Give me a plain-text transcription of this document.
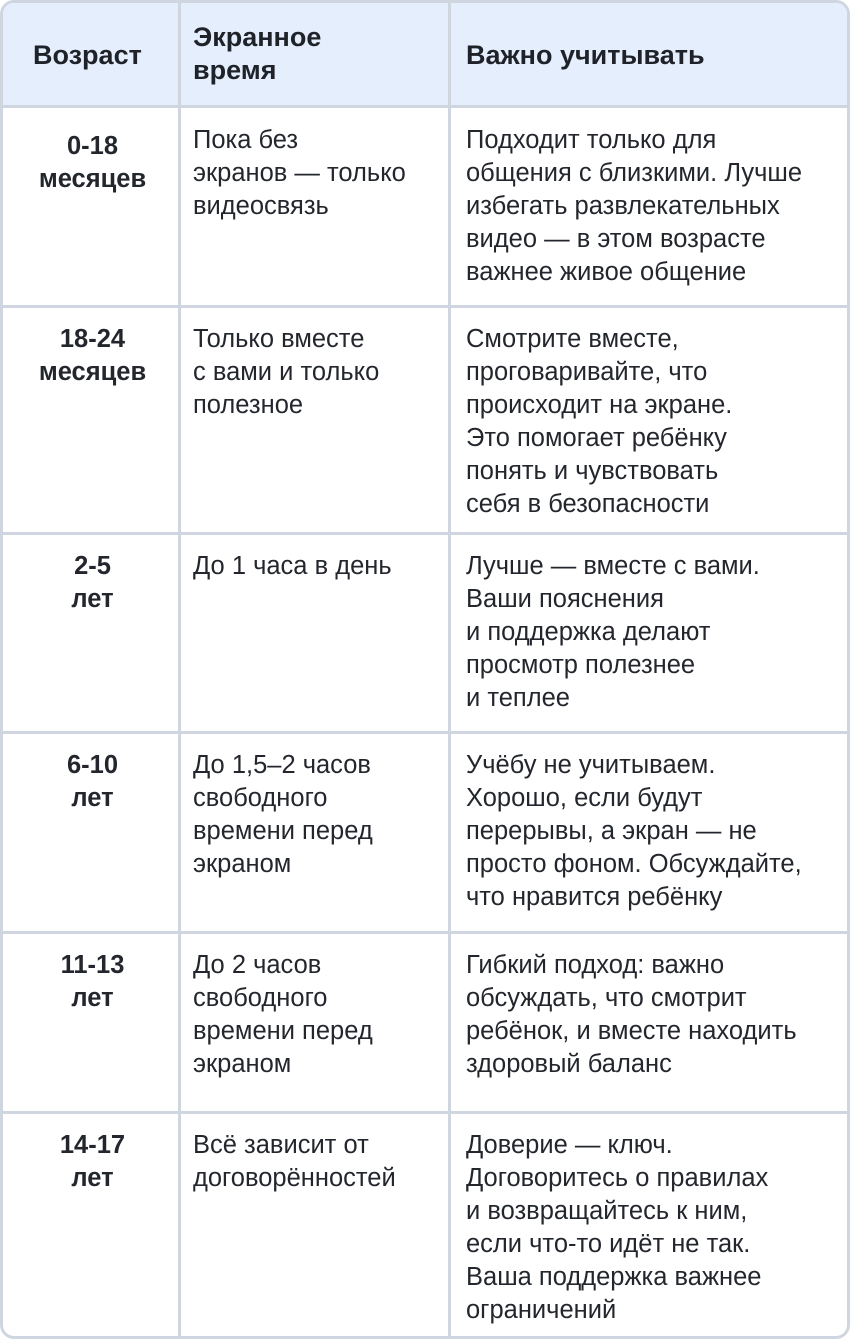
Возраст

Экранное
время	Важно учитывать

0-18
месяцев

Пока без
экранов — только
видеосвязь

Подходит только для
общения с близкими. Лучше
избегать развлекательных
видео — в этом возрасте
важнее живое общение

18-24
месяцев

Только вместе
с вами и только
полезное

Смотрите вместе,
проговаривайте, что
происходит на экране.
Это помогает ребёнку
понять и чувствовать
себя в безопасности

2-5
лет

До 1 часа в день	Лучше — вместе с вами.
Ваши пояснения
и поддержка делают
просмотр полезнее
и теплее

6-10
лет

До 1,5–2 часов
свободного
времени перед
экраном

Учёбу не учитываем.
Хорошо, если будут
перерывы, а экран — не
просто фоном. Обсуждайте,
что нравится ребёнку

11-13
лет

До 2 часов
свободного
времени перед
экраном

Гибкий подход: важно
обсуждать, что смотрит
ребёнок, и вместе находить
здоровый баланс

14-17
лет

Всё зависит от
договорённостей

Доверие — ключ.
Договоритесь о правилах
и возвращайтесь к ним,
если что-то идёт не так.
Ваша поддержка важнее
ограничений
